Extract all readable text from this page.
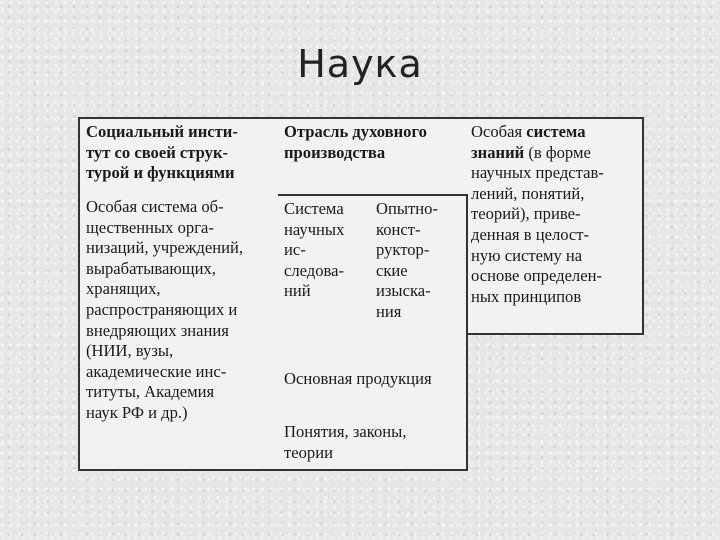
Наука
Социальный инсти-
тут со своей струк-
турой и функциями
Отрасль духовного
производства
Особая система
знаний (в форме
научных представ-
лений, понятий,
теорий), приве-
денная в целост-
ную систему на
основе определен-
ных принципов
Особая система об-
щественных орга-
низаций, учреждений,
вырабатывающих,
хранящих,
распространяющих и
внедряющих знания
(НИИ, вузы,
академические инс-
титуты, Академия
наук РФ и др.)
Система
научных
ис-
следова-
ний
Опытно-
конст-
руктор-
ские
изыска-
ния
Основная продукция
Понятия, законы,
теории
